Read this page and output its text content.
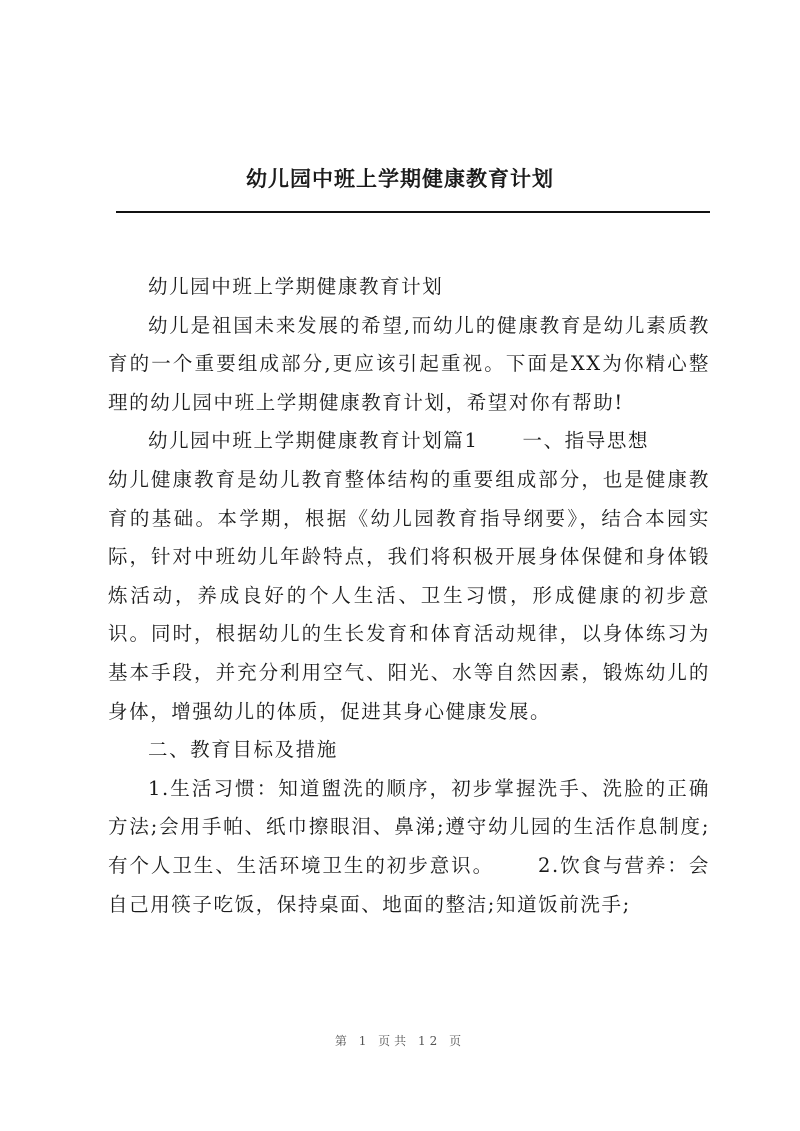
幼儿园中班上学期健康教育计划

幼儿园中班上学期健康教育计划

幼儿是祖国未来发展的希望,而幼儿的健康教育是幼儿素质教育的一个重要组成部分,更应该引起重视。下面是XX为你精心整理的幼儿园中班上学期健康教育计划，希望对你有帮助!

幼儿园中班上学期健康教育计划篇1 一、指导思想

幼儿健康教育是幼儿教育整体结构的重要组成部分，也是健康教育的基础。本学期，根据《幼儿园教育指导纲要》，结合本园实际，针对中班幼儿年龄特点，我们将积极开展身体保健和身体锻炼活动，养成良好的个人生活、卫生习惯，形成健康的初步意识。同时，根据幼儿的生长发育和体育活动规律，以身体练习为基本手段，并充分利用空气、阳光、水等自然因素，锻炼幼儿的身体，增强幼儿的体质，促进其身心健康发展。

二、教育目标及措施

1.生活习惯：知道盥洗的顺序，初步掌握洗手、洗脸的正确方法;会用手帕、纸巾擦眼泪、鼻涕;遵守幼儿园的生活作息制度;有个人卫生、生活环境卫生的初步意识。 2.饮食与营养：会自己用筷子吃饭，保持桌面、地面的整洁;知道饭前洗手;

第 1 页共 12 页
